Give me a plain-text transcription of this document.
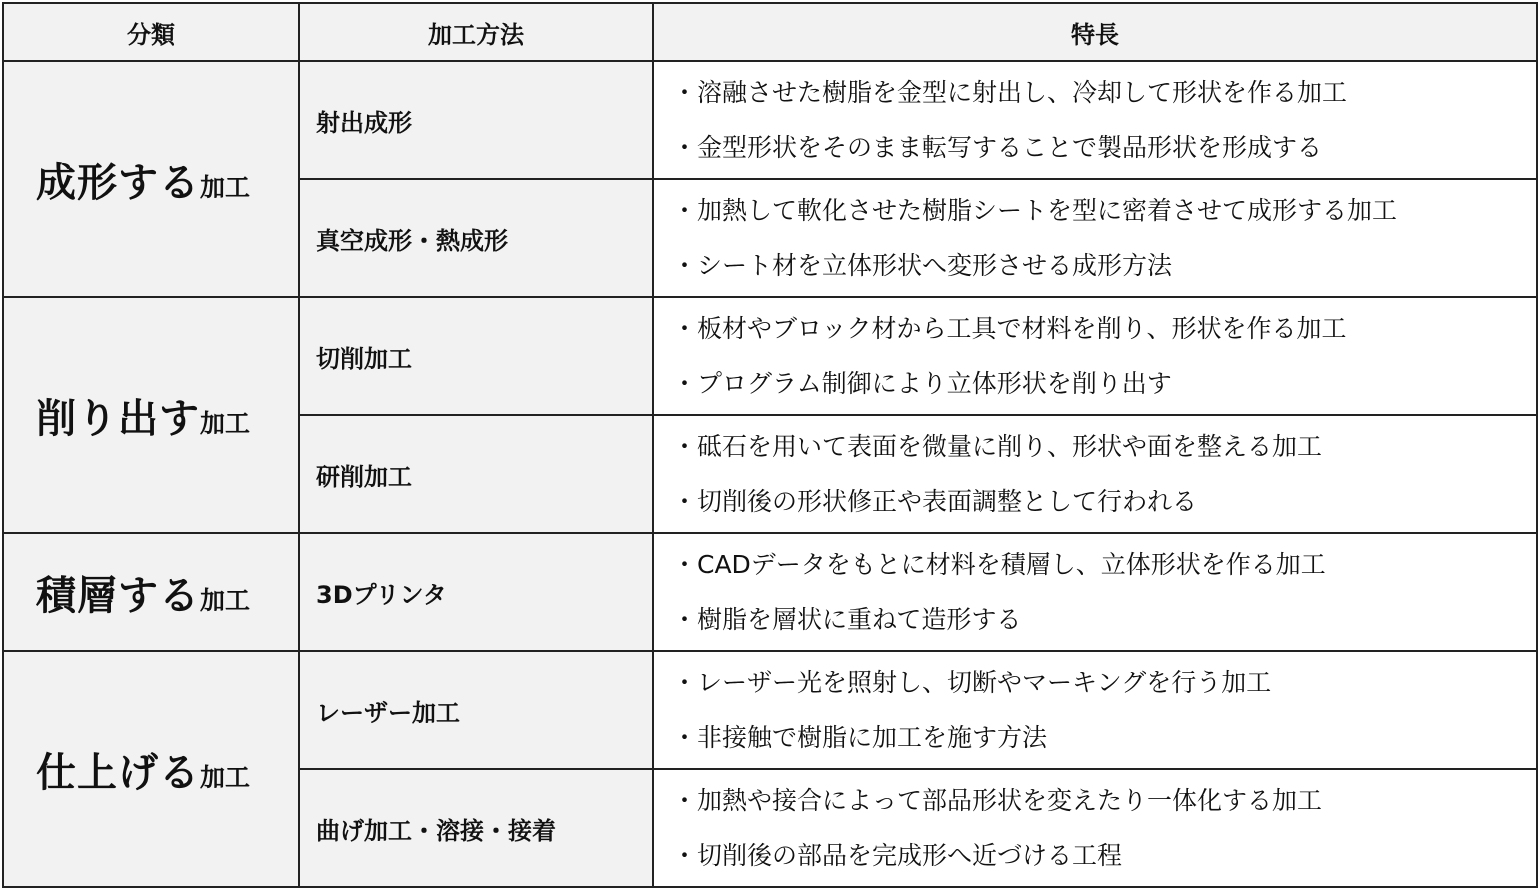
分類	加工方法	特長
成形する加工	射出成形	・溶融させた樹脂を金型に射出し、冷却して形状を作る加工
・金型形状をそのまま転写することで製品形状を形成する

	真空成形・熱成形	・加熱して軟化させた樹脂シートを型に密着させて成形する加工
・シート材を立体形状へ変形させる成形方法

削り出す加工	切削加工	・板材やブロック材から工具で材料を削り、形状を作る加工
・プログラム制御により立体形状を削り出す

	研削加工	・砥石を用いて表面を微量に削り、形状や面を整える加工
・切削後の形状修正や表面調整として行われる

積層する加工	3Dプリンタ	・CADデータをもとに材料を積層し、立体形状を作る加工
・樹脂を層状に重ねて造形する

仕上げる加工	レーザー加工	・レーザー光を照射し、切断やマーキングを行う加工
・非接触で樹脂に加工を施す方法

	曲げ加工・溶接・接着	・加熱や接合によって部品形状を変えたり一体化する加工
・切削後の部品を完成形へ近づける工程
